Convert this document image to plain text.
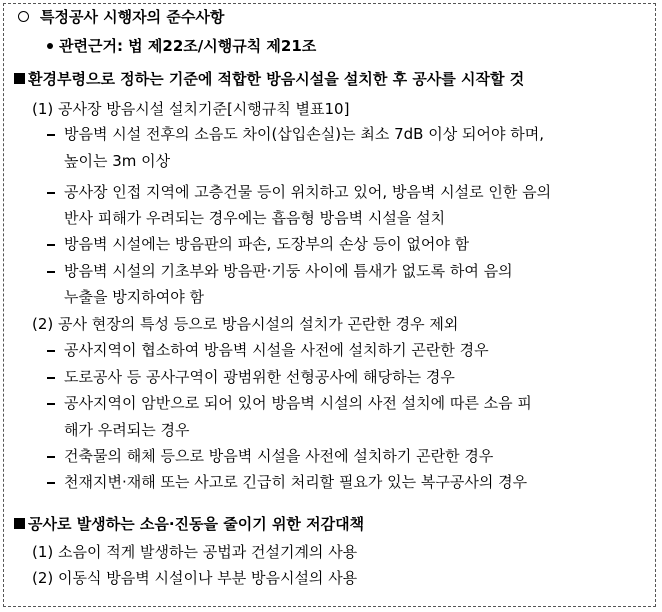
특정공사 시행자의 준수사항
관련근거: 법 제22조/시행규칙 제21조
환경부령으로 정하는 기준에 적합한 방음시설을 설치한 후 공사를 시작할 것
(1) 공사장 방음시설 설치기준[시행규칙 별표10]
방음벽 시설 전후의 소음도 차이(삽입손실)는 최소 7dB 이상 되어야 하며,
높이는 3m 이상
공사장 인접 지역에 고층건물 등이 위치하고 있어, 방음벽 시설로 인한 음의
반사 피해가 우려되는 경우에는 흡음형 방음벽 시설을 설치
방음벽 시설에는 방음판의 파손, 도장부의 손상 등이 없어야 함
방음벽 시설의 기초부와 방음판·기둥 사이에 틈새가 없도록 하여 음의
누출을 방지하여야 함
(2) 공사 현장의 특성 등으로 방음시설의 설치가 곤란한 경우 제외
공사지역이 협소하여 방음벽 시설을 사전에 설치하기 곤란한 경우
도로공사 등 공사구역이 광범위한 선형공사에 해당하는 경우
공사지역이 암반으로 되어 있어 방음벽 시설의 사전 설치에 따른 소음 피
해가 우려되는 경우
건축물의 해체 등으로 방음벽 시설을 사전에 설치하기 곤란한 경우
천재지변·재해 또는 사고로 긴급히 처리할 필요가 있는 복구공사의 경우
공사로 발생하는 소음·진동을 줄이기 위한 저감대책
(1) 소음이 적게 발생하는 공법과 건설기계의 사용
(2) 이동식 방음벽 시설이나 부분 방음시설의 사용
